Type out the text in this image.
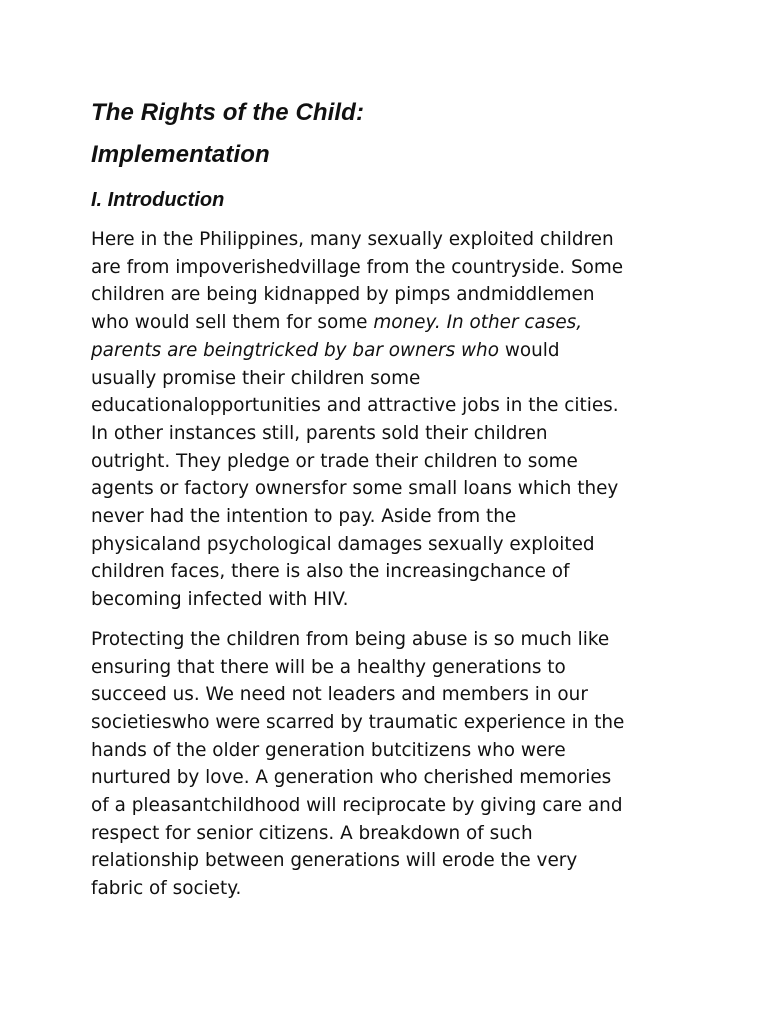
The Rights of the Child:
Implementation
I. Introduction

Here in the Philippines, many sexually exploited children
are from impoverishedvillage from the countryside. Some
children are being kidnapped by pimps andmiddlemen
who would sell them for some money. In other cases,
parents are beingtricked by bar owners who would
usually promise their children some
educationalopportunities and attractive jobs in the cities.
In other instances still, parents sold their children
outright. They pledge or trade their children to some
agents or factory ownersfor some small loans which they
never had the intention to pay. Aside from the
physicaland psychological damages sexually exploited
children faces, there is also the increasingchance of
becoming infected with HIV.

Protecting the children from being abuse is so much like
ensuring that there will be a healthy generations to
succeed us. We need not leaders and members in our
societieswho were scarred by traumatic experience in the
hands of the older generation butcitizens who were
nurtured by love. A generation who cherished memories
of a pleasantchildhood will reciprocate by giving care and
respect for senior citizens. A breakdown of such
relationship between generations will erode the very
fabric of society.
